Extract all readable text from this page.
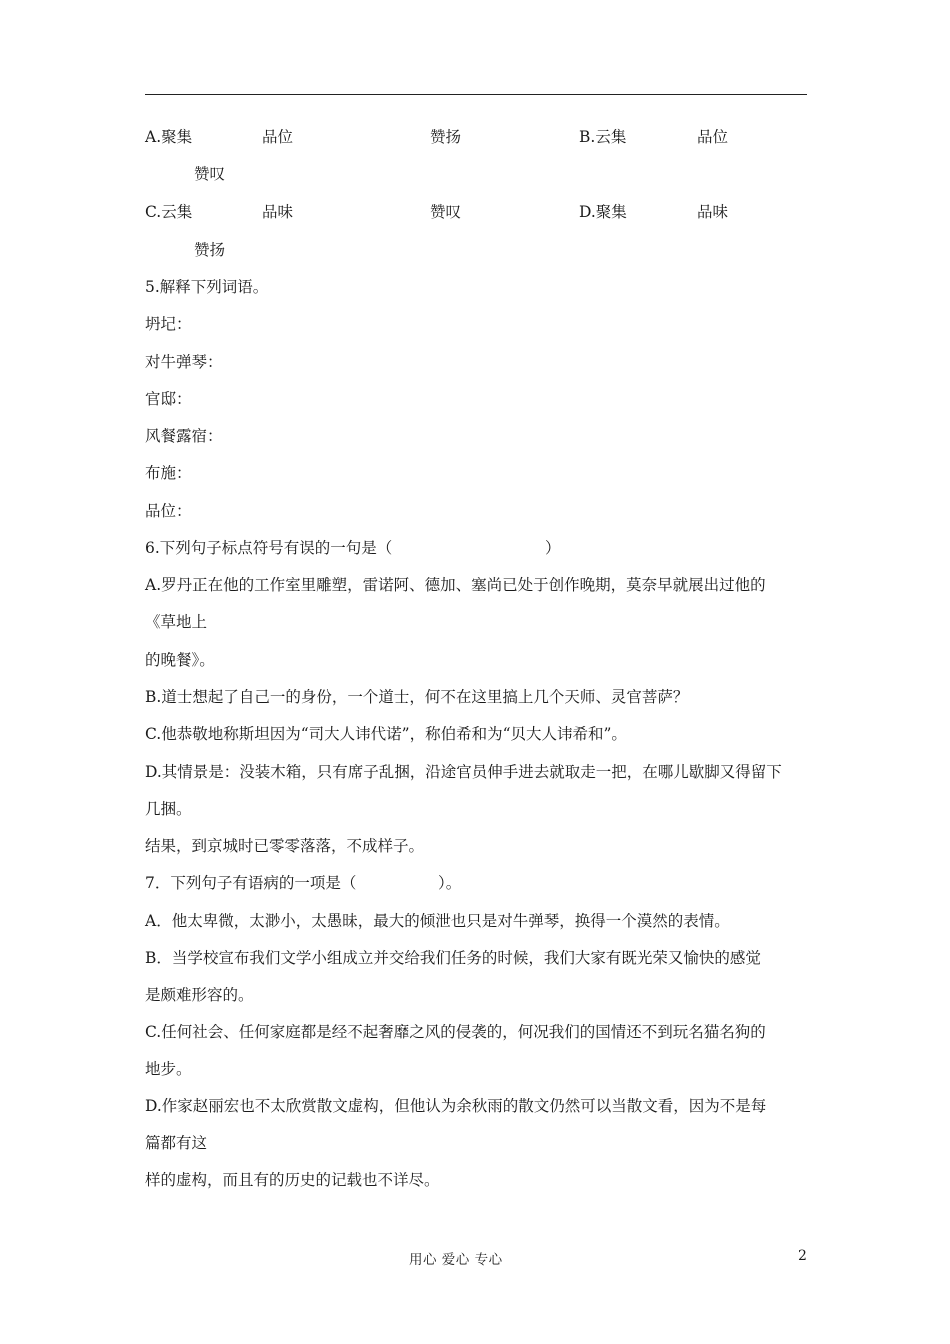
A.聚集	品位	赞扬	B.云集	品位
赞叹
C.云集	品味	赞叹	D.聚集	品味
赞扬
5.解释下列词语。
坍圮：
对牛弹琴：
官邸：
风餐露宿：
布施：
品位：
6.下列句子标点符号有误的一句是（	）
A.罗丹正在他的工作室里雕塑，雷诺阿、德加、塞尚已处于创作晚期，莫奈早就展出过他的
《草地上
的晚餐》。
B.道士想起了自己一的身份，一个道士，何不在这里搞上几个天师、灵官菩萨？
C.他恭敬地称斯坦因为“司大人讳代诺”，称伯希和为“贝大人讳希和”。
D.其情景是：没装木箱，只有席子乱捆，沿途官员伸手进去就取走一把，在哪儿歇脚又得留下
几捆。
结果，到京城时已零零落落，不成样子。
7．下列句子有语病的一项是（	）。
A．他太卑微，太渺小，太愚昧，最大的倾泄也只是对牛弹琴，换得一个漠然的表情。
B．当学校宣布我们文学小组成立并交给我们任务的时候，我们大家有既光荣又愉快的感觉
是颇难形容的。
C.任何社会、任何家庭都是经不起奢靡之风的侵袭的，何况我们的国情还不到玩名猫名狗的
地步。
D.作家赵丽宏也不太欣赏散文虚构，但他认为余秋雨的散文仍然可以当散文看，因为不是每
篇都有这
样的虚构，而且有的历史的记载也不详尽。
用心 爱心 专心	2
